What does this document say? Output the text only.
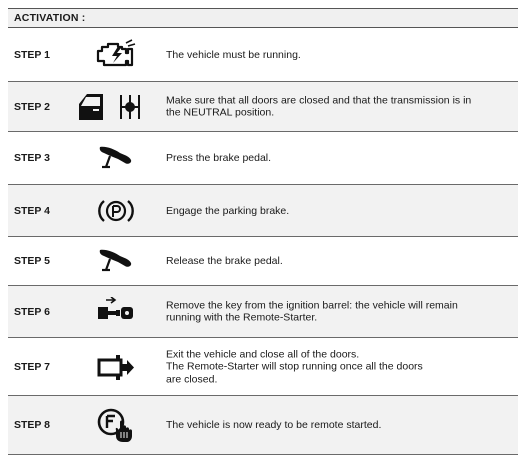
ACTIVATION :
STEP 1	The vehicle must be running.
STEP 2
Make sure that all doors are closed and that the transmission is in
the NEUTRAL position.
STEP 3	Press the brake pedal.
STEP 4	Engage the parking brake.
STEP 5	Release the brake pedal.
STEP 6
Remove the key from the ignition barrel: the vehicle will remain
running with the Remote-Starter.
STEP 7
Exit the vehicle and close all of the doors.
The Remote-Starter will stop running once all the doors
are closed.
STEP 8	The vehicle is now ready to be remote started.
